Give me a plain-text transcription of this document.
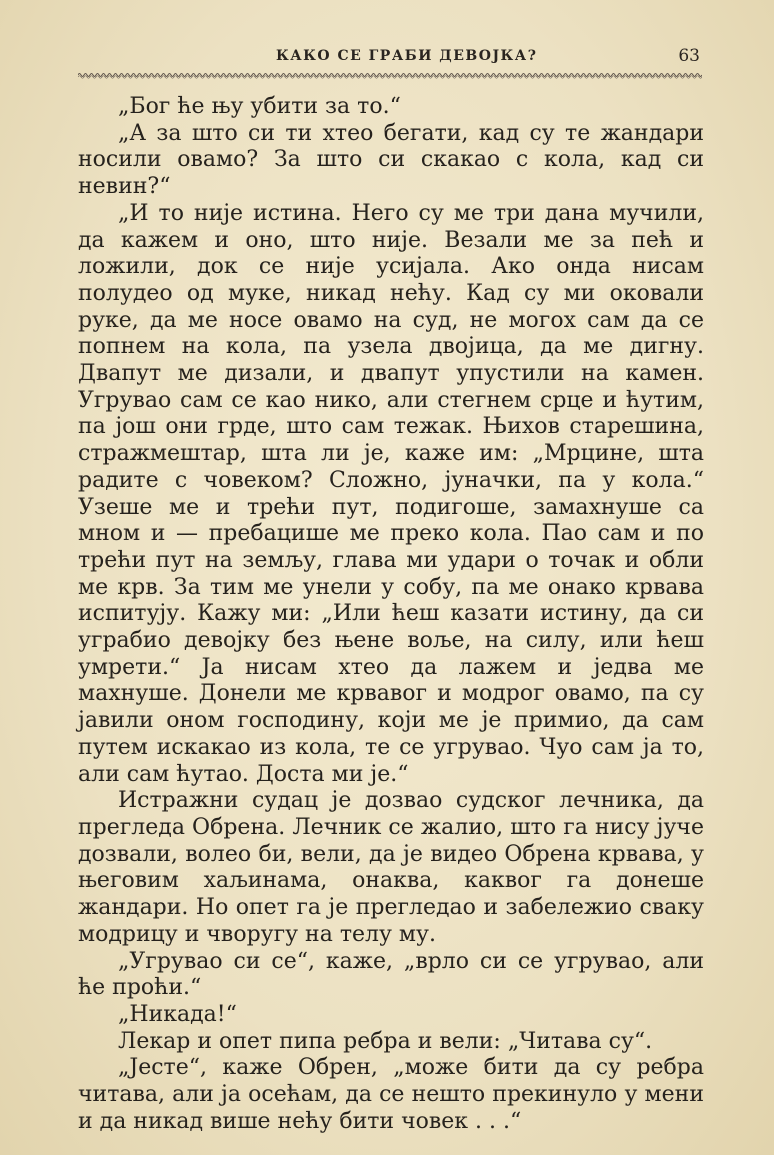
КАКО СЕ ГРАБИ ДЕВОЈКА?	63

„Бог ће њу убити за то.“

„А за што си ти хтео бегати, кад су те жандари носили овамо? За што си скакао с кола, кад си невин?“

„И то није истина. Него су ме три дана мучили, да кажем и оно, што није. Везали ме за пећ и ложили, док се није усијала. Ако онда нисам полудео од муке, никад нећу. Кад су ми оковали руке, да ме носе овамо на суд, не могох сам да се попнем на кола, па узела двојица, да ме дигну. Двапут ме дизали, и двапут упустили на камен. Угрувао сам се као нико, али стегнем срце и ћутим, па још они грде, што сам тежак. Њихов старешина, стражмештар, шта ли је, каже им: „Мрцине, шта радите с човеком? Сложно, јуначки, па у кола.“ Узеше ме и трећи пут, подигоше, замахнуше са мном и — пребацише ме преко кола. Пао сам и по трећи пут на земљу, глава ми удари о точак и обли ме крв. За тим ме унели у собу, па ме онако крвава испитују. Кажу ми: „Или ћеш казати истину, да си уграбио девојку без њене воље, на силу, или ћеш умрети.“ Ја нисам хтео да лажем и једва ме махнуше. Донели ме крвавог и модрог овамо, па су јавили оном господину, који ме је примио, да сам путем искакао из кола, те се угрувао. Чуо сам ја то, али сам ћутао. Доста ми је.“

Истражни судац је дозвао судског лечника, да прегледа Обрена. Лечник се жалио, што га нису јуче дозвали, волео би, вели, да је видео Обрена крвава, у његовим хаљинама, онаква, каквог га донеше жандари. Но опет га је прегледао и забележио сваку модрицу и чворугу на телу му.

„Угрувао си се“, каже, „врло си се угрувао, али ће проћи.“

„Никада!“

Лекар и опет пипа ребра и вели: „Читава су“.

„Јесте“, каже Обрен, „може бити да су ребра читава, али ја осећам, да се нешто прекинуло у мени и да никад више нећу бити човек . . .“
